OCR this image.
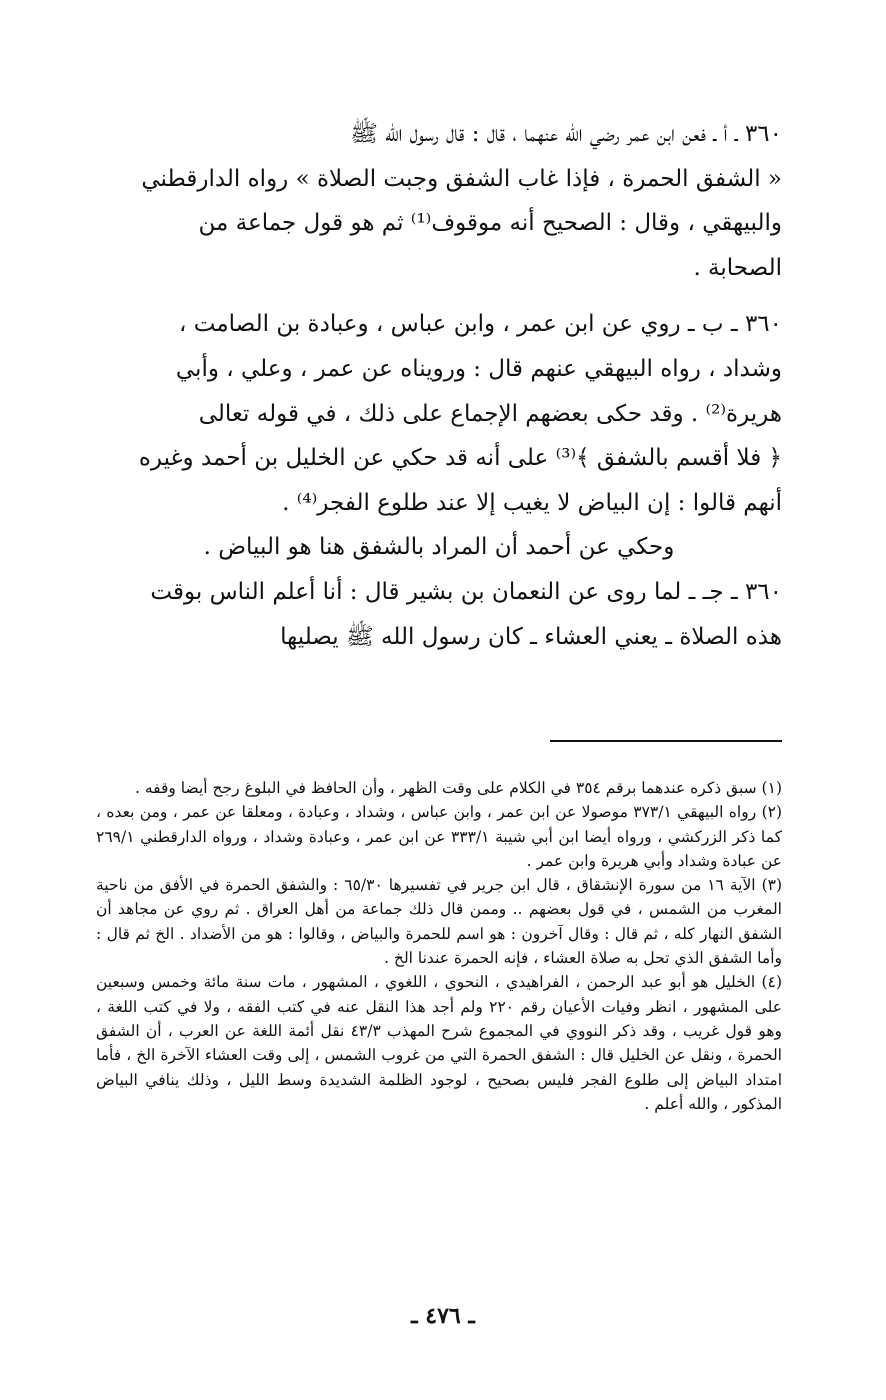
٣٦٠ ـ أ ـ فعن ابن عمر رضي الله عنهما ، قال : قال رسول الله ﷺ
« الشفق الحمرة ، فإذا غاب الشفق وجبت الصلاة » رواه الدارقطني
والبيهقي ، وقال : الصحيح أنه موقوف⁽¹⁾ ثم هو قول جماعة من
الصحابة .

٣٦٠ ـ ب ـ روي عن ابن عمر ، وابن عباس ، وعبادة بن الصامت ،
وشداد ، رواه البيهقي عنهم قال : ورويناه عن عمر ، وعلي ، وأبي
هريرة⁽²⁾ . وقد حكى بعضهم الإجماع على ذلك ، في قوله تعالى
﴿ فلا أقسم بالشفق ﴾⁽³⁾ على أنه قد حكي عن الخليل بن أحمد وغيره
أنهم قالوا : إن البياض لا يغيب إلا عند طلوع الفجر⁽⁴⁾ .

وحكي عن أحمد أن المراد بالشفق هنا هو البياض .

٣٦٠ ـ جـ ـ لما روى عن النعمان بن بشير قال : أنا أعلم الناس بوقت
هذه الصلاة ـ يعني العشاء ـ كان رسول الله ﷺ يصليها

(١) سبق ذكره عندهما برقم ٣٥٤ في الكلام على وقت الظهر ، وأن الحافظ في البلوغ رجح أيضا وقفه .

(٢) رواه البيهقي ٣٧٣/١ موصولا عن ابن عمر ، وابن عباس ، وشداد ، وعبادة ، ومعلقا عن عمر ، ومن بعده ، كما ذكر الزركشي ، ورواه أيضا ابن أبي شيبة ٣٣٣/١ عن ابن عمر ، وعبادة وشداد ، ورواه الدارقطني ٢٦٩/١ عن عبادة وشداد وأبي هريرة وابن عمر .

(٣) الآية ١٦ من سورة الإنشقاق ، قال ابن جرير في تفسيرها ٦٥/٣٠ : والشفق الحمرة في الأفق من ناحية المغرب من الشمس ، في قول بعضهم .. وممن قال ذلك جماعة من أهل العراق . ثم روي عن مجاهد أن الشفق النهار كله ، ثم قال : وقال آخرون : هو اسم للحمرة والبياض ، وقالوا : هو من الأضداد . الخ ثم قال : وأما الشفق الذي تحل به صلاة العشاء ، فإنه الحمرة عندنا الخ .

(٤) الخليل هو أبو عبد الرحمن ، الفراهيدي ، النحوي ، اللغوي ، المشهور ، مات سنة مائة وخمس وسبعين على المشهور ، انظر وفيات الأعيان رقم ٢٢٠ ولم أجد هذا النقل عنه في كتب الفقه ، ولا في كتب اللغة ، وهو قول غريب ، وقد ذكر النووي في المجموع شرح المهذب ٤٣/٣ نقل أئمة اللغة عن العرب ، أن الشفق الحمرة ، ونقل عن الخليل قال : الشفق الحمرة التي من غروب الشمس ، إلى وقت العشاء الآخرة الخ ، فأما امتداد البياض إلى طلوع الفجر فليس بصحيح ، لوجود الظلمة الشديدة وسط الليل ، وذلك ينافي البياض المذكور ، والله أعلم .

ـ ٤٧٦ ـ
